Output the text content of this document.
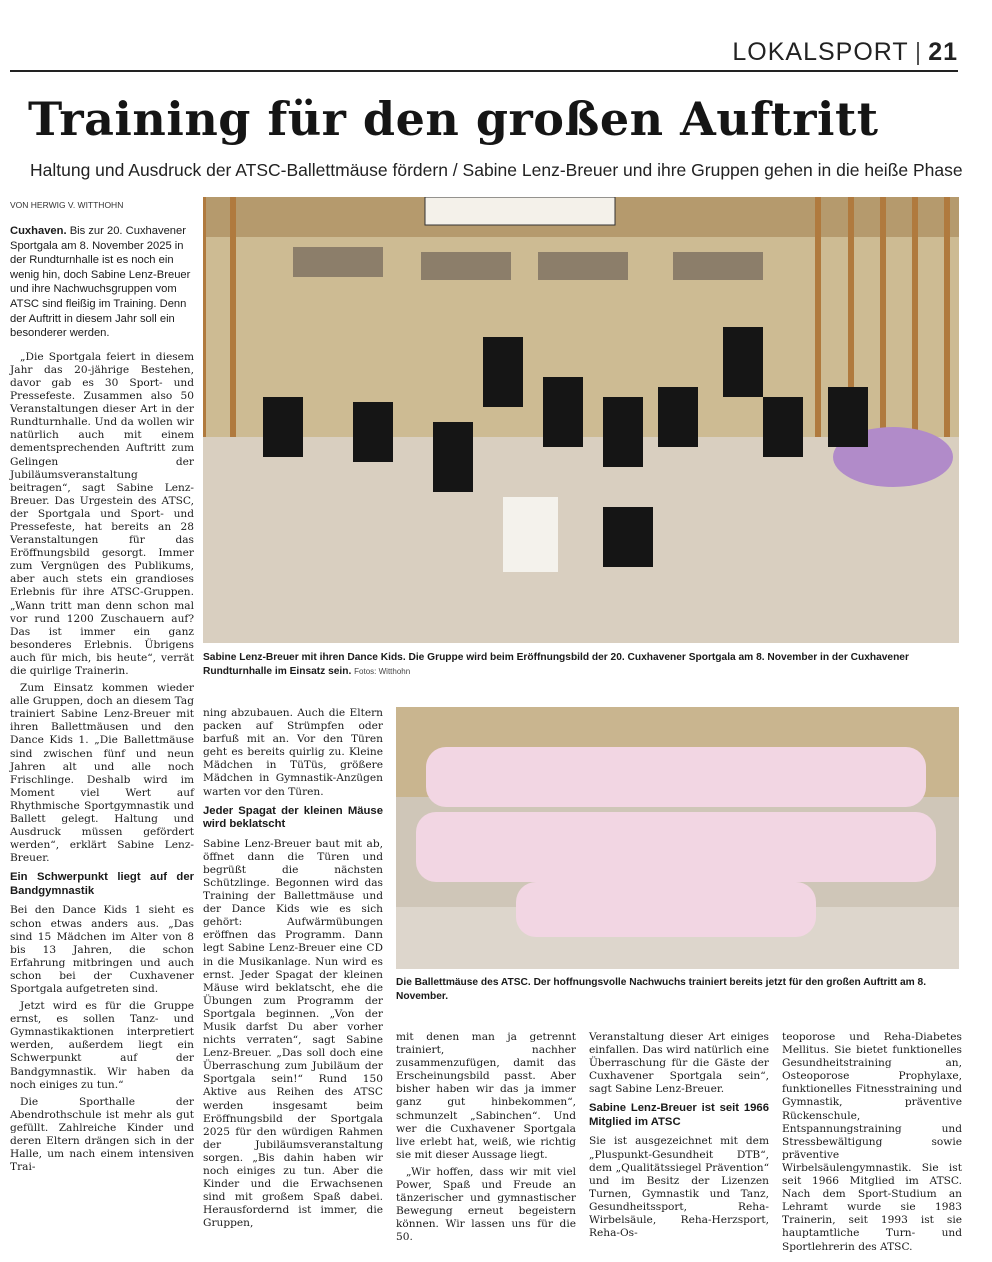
LOKALSPORT | 21
Training für den großen Auftritt
Haltung und Ausdruck der ATSC-Ballettmäuse fördern / Sabine Lenz-Breuer und ihre Gruppen gehen in die heiße Phase
VON HERWIG V. WITTHOHN
Sabine Lenz-Breuer mit ihren Dance Kids. Die Gruppe wird beim Eröffnungsbild der 20. Cuxhavener Sportgala am 8. November in der Cuxhavener Rundturnhalle im Einsatz sein. Fotos: Witthohn
Die Ballettmäuse des ATSC. Der hoffnungsvolle Nachwuchs trainiert bereits jetzt für den großen Auftritt am 8. November.

Cuxhaven. Bis zur 20. Cuxhavener Sportgala am 8. November 2025 in der Rundturnhalle ist es noch ein wenig hin, doch Sabine Lenz-Breuer und ihre Nachwuchsgruppen vom ATSC sind fleißig im Training. Denn der Auftritt in diesem Jahr soll ein besonderer werden.

„Die Sportgala feiert in diesem Jahr das 20-jährige Bestehen, davor gab es 30 Sport- und Pressefeste. Zusammen also 50 Veranstaltungen dieser Art in der Rundturnhalle. Und da wollen wir natürlich auch mit einem dementsprechenden Auftritt zum Gelingen der Jubiläumsveranstaltung beitragen“, sagt Sabine Lenz-Breuer. Das Urgestein des ATSC, der Sportgala und Sport- und Pressefeste, hat bereits an 28 Veranstaltungen für das Eröffnungsbild gesorgt. Immer zum Vergnügen des Publikums, aber auch stets ein grandioses Erlebnis für ihre ATSC-Gruppen. „Wann tritt man denn schon mal vor rund 1200 Zuschauern auf? Das ist immer ein ganz besonderes Erlebnis. Übrigens auch für mich, bis heute“, verrät die quirlige Trainerin.

Zum Einsatz kommen wieder alle Gruppen, doch an diesem Tag trainiert Sabine Lenz-Breuer mit ihren Ballettmäusen und den Dance Kids 1. „Die Ballettmäuse sind zwischen fünf und neun Jahren alt und alle noch Frischlinge. Deshalb wird im Moment viel Wert auf Rhythmische Sportgymnastik und Ballett gelegt. Haltung und Ausdruck müssen gefördert werden“, erklärt Sabine Lenz-Breuer.

Ein Schwerpunkt liegt auf der Bandgymnastik

Bei den Dance Kids 1 sieht es schon etwas anders aus. „Das sind 15 Mädchen im Alter von 8 bis 13 Jahren, die schon Erfahrung mitbringen und auch schon bei der Cuxhavener Sportgala aufgetreten sind.

Jetzt wird es für die Gruppe ernst, es sollen Tanz- und Gymnastikaktionen interpretiert werden, außerdem liegt ein Schwerpunkt auf der Bandgymnastik. Wir haben da noch einiges zu tun.“

Die Sporthalle der Abendrothschule ist mehr als gut gefüllt. Zahlreiche Kinder und deren Eltern drängen sich in der Halle, um nach einem intensiven Trai-

ning abzubauen. Auch die Eltern packen auf Strümpfen oder barfuß mit an. Vor den Türen geht es bereits quirlig zu. Kleine Mädchen in TüTüs, größere Mädchen in Gymnastik-Anzügen warten vor den Türen.

Jeder Spagat der kleinen Mäuse wird beklatscht

Sabine Lenz-Breuer baut mit ab, öffnet dann die Türen und begrüßt die nächsten Schützlinge. Begonnen wird das Training der Ballettmäuse und der Dance Kids wie es sich gehört: Aufwärmübungen eröffnen das Programm. Dann legt Sabine Lenz-Breuer eine CD in die Musikanlage. Nun wird es ernst. Jeder Spagat der kleinen Mäuse wird beklatscht, ehe die Übungen zum Programm der Sportgala beginnen. „Von der Musik darfst Du aber vorher nichts verraten“, sagt Sabine Lenz-Breuer. „Das soll doch eine Überraschung zum Jubiläum der Sportgala sein!“ Rund 150 Aktive aus Reihen des ATSC werden insgesamt beim Eröffnungsbild der Sportgala 2025 für den würdigen Rahmen der Jubiläumsveranstaltung sorgen. „Bis dahin haben wir noch einiges zu tun. Aber die Kinder und die Erwachsenen sind mit großem Spaß dabei. Herausfordernd ist immer, die Gruppen,

mit denen man ja getrennt trainiert, nachher zusammenzufügen, damit das Erscheinungsbild passt. Aber bisher haben wir das ja immer ganz gut hinbekommen“, schmunzelt „Sabinchen“. Und wer die Cuxhavener Sportgala live erlebt hat, weiß, wie richtig sie mit dieser Aussage liegt.

„Wir hoffen, dass wir mit viel Power, Spaß und Freude an tänzerischer und gymnastischer Bewegung erneut begeistern können. Wir lassen uns für die 50.

Veranstaltung dieser Art einiges einfallen. Das wird natürlich eine Überraschung für die Gäste der Cuxhavener Sportgala sein“, sagt Sabine Lenz-Breuer.

Sabine Lenz-Breuer ist seit 1966 Mitglied im ATSC

Sie ist ausgezeichnet mit dem „Pluspunkt-Gesundheit DTB“, dem „Qualitätssiegel Prävention“ und im Besitz der Lizenzen Turnen, Gymnastik und Tanz, Gesundheitssport, Reha-Wirbelsäule, Reha-Herzsport, Reha-Os-

teoporose und Reha-Diabetes Mellitus. Sie bietet funktionelles Gesundheitstraining an, Osteoporose Prophylaxe, funktionelles Fitnesstraining und Gymnastik, präventive Rückenschule, Entspannungstraining und Stressbewältigung sowie präventive Wirbelsäulengymnastik. Sie ist seit 1966 Mitglied im ATSC. Nach dem Sport-Studium an Lehramt wurde sie 1983 Trainerin, seit 1993 ist sie hauptamtliche Turn- und Sportlehrerin des ATSC.
